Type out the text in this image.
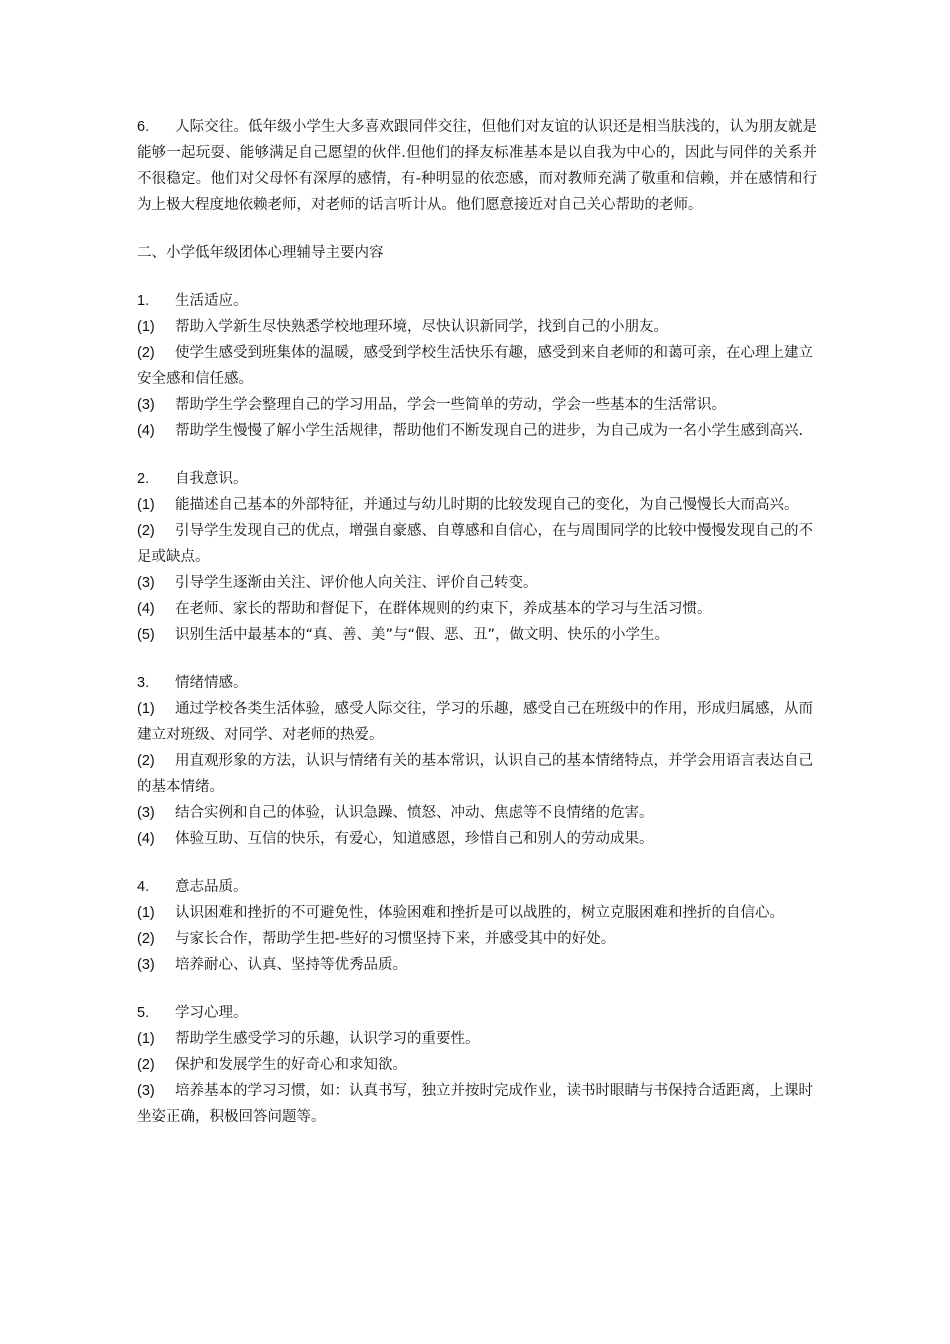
6. 人际交往。低年级小学生大多喜欢跟同伴交往，但他们对友谊的认识还是相当肤浅的，认为朋友就是能够一起玩耍、能够满足自己愿望的伙伴.但他们的择友标准基本是以自我为中心的，因此与同伴的关系并不很稳定。他们对父母怀有深厚的感情，有-种明显的依恋感，而对教师充满了敬重和信赖，并在感情和行为上极大程度地依赖老师，对老师的话言听计从。他们愿意接近对自己关心帮助的老师。

二、小学低年级团体心理辅导主要内容

1.	生活适应。

(1) 帮助入学新生尽快熟悉学校地理环境，尽快认识新同学，找到自己的小朋友。

(2) 使学生感受到班集体的温暖，感受到学校生活快乐有趣，感受到来自老师的和蔼可亲，在心理上建立安全感和信任感。

(3) 帮助学生学会整理自己的学习用品，学会一些简单的劳动，学会一些基本的生活常识。

(4) 帮助学生慢慢了解小学生活规律，帮助他们不断发现自己的进步，为自己成为一名小学生感到高兴.

2.	自我意识。

(1) 能描述自己基本的外部特征，并通过与幼儿时期的比较发现自己的变化，为自己慢慢长大而高兴。

(2) 引导学生发现自己的优点，增强自豪感、自尊感和自信心，在与周围同学的比较中慢慢发现自己的不足或缺点。

(3) 引导学生逐渐由关注、评价他人向关注、评价自己转变。

(4) 在老师、家长的帮助和督促下，在群体规则的约束下，养成基本的学习与生活习惯。

(5) 识别生活中最基本的“真、善、美”与“假、恶、丑”，做文明、快乐的小学生。

3.	情绪情感。

(1) 通过学校各类生活体验，感受人际交往，学习的乐趣，感受自己在班级中的作用，形成归属感，从而建立对班级、对同学、对老师的热爱。

(2) 用直观形象的方法，认识与情绪有关的基本常识，认识自己的基本情绪特点，并学会用语言表达自己的基本情绪。

(3) 结合实例和自己的体验，认识急躁、愤怒、冲动、焦虑等不良情绪的危害。

(4) 体验互助、互信的快乐，有爱心，知道感恩，珍惜自己和别人的劳动成果。

4.	意志品质。

(1) 认识困难和挫折的不可避免性，体验困难和挫折是可以战胜的，树立克服困难和挫折的自信心。

(2) 与家长合作，帮助学生把-些好的习惯坚持下来，并感受其中的好处。

(3) 培养耐心、认真、坚持等优秀品质。

5.	学习心理。

(1) 帮助学生感受学习的乐趣，认识学习的重要性。

(2) 保护和发展学生的好奇心和求知欲。

(3) 培养基本的学习习惯，如：认真书写，独立并按时完成作业，读书时眼睛与书保持合适距离，上课时坐姿正确，积极回答问题等。
